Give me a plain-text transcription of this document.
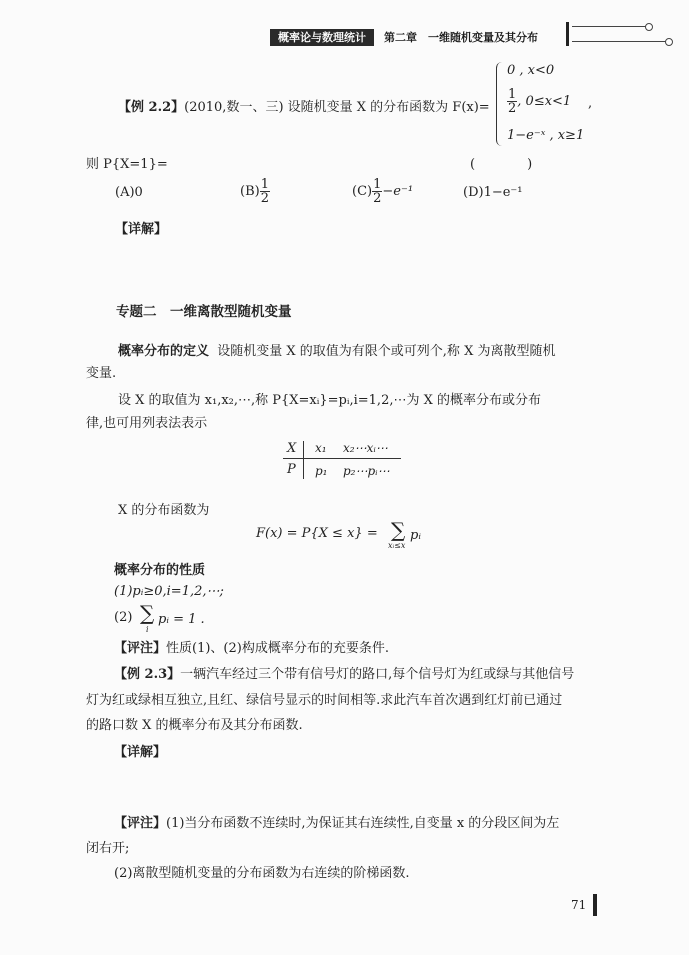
概率论与数理统计	第二章　一维随机变量及其分布
【例 2.2】(2010,数一、三) 设随机变量 X 的分布函数为 F(x)=
0 , x<0
$\frac{1}{2}$ , 0≤x<1 ,
1−e⁻ˣ , x≥1
则 P{X=1}=	(　　　　)
(A)0	$(B) \frac{1}{2}$	$(C) \frac{1}{2} -e^{-1}$	(D)1−e⁻¹
【详解】
专题二　一维离散型随机变量
概率分布的定义 设随机变量 X 的取值为有限个或可列个,称 X 为离散型随机
变量.
设 X 的取值为 x₁,x₂,⋯,称 P{X=xᵢ}=pᵢ,i=1,2,⋯为 X 的概率分布或分布
律,也可用列表法表示
X x₁ x₂⋯xᵢ⋯
P p₁ p₂⋯pᵢ⋯
X 的分布函数为
F(x) = P{X ≤ x} = ∑
xᵢ≤x
pᵢ
概率分布的性质
(1)pᵢ≥0,i=1,2,⋯;
(2) ∑
i
pᵢ = 1 .
【评注】性质(1)、(2)构成概率分布的充要条件.
【例 2.3】一辆汽车经过三个带有信号灯的路口,每个信号灯为红或绿与其他信号
灯为红或绿相互独立,且红、绿信号显示的时间相等.求此汽车首次遇到红灯前已通过
的路口数 X 的概率分布及其分布函数.
【详解】
【评注】(1)当分布函数不连续时,为保证其右连续性,自变量 x 的分段区间为左
闭右开;
(2)离散型随机变量的分布函数为右连续的阶梯函数.
71
